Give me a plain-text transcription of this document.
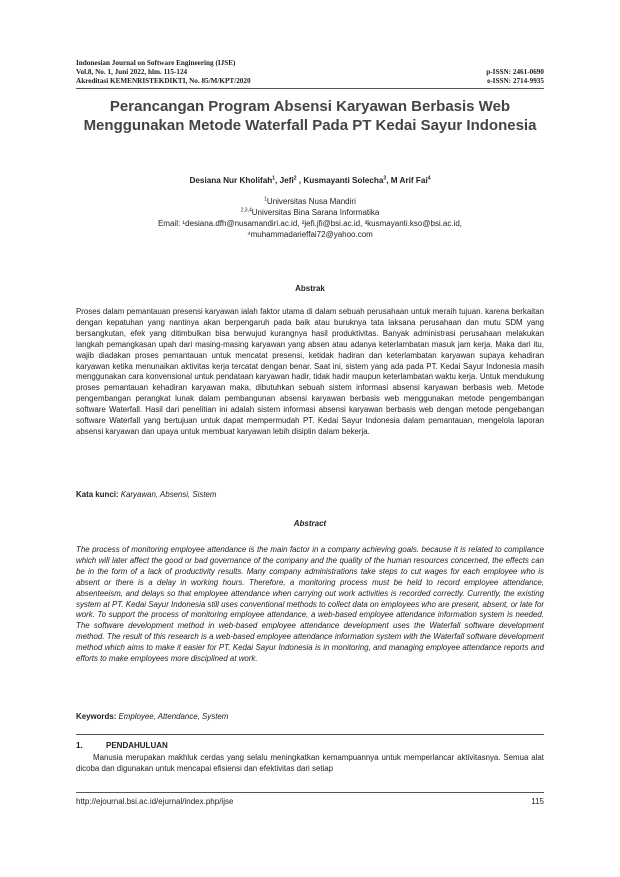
Indonesian Journal on Software Engineering (IJSE)
Vol.8, No. 1, Juni 2022, hlm. 115-124
Akreditasi KEMENRISTEKDIKTI, No. 85/M/KPT/2020
p-ISSN: 2461-0690
e-ISSN: 2714-9935
Perancangan Program Absensi Karyawan Berbasis Web Menggunakan Metode Waterfall Pada PT Kedai Sayur Indonesia
Desiana Nur Kholifah$^1$, Jefi$^2$ , Kusmayanti Solecha$^3$, M Arif Fai$^4$
$^1$Universitas Nusa Mandiri
$^{2,3,4}$Universitas Bina Sarana Informatika
Email: ¹desiana.dfh@nusamandiri.ac.id, ²jefi.jfi@bsi.ac.id, ³kusmayanti.kso@bsi.ac.id,
⁴muhammadarieffai72@yahoo.com
Abstrak
Proses dalam pemantauan presensi karyawan ialah faktor utama di dalam sebuah perusahaan untuk meraih tujuan. karena berkaitan dengan kepatuhan yang nantinya akan berpengaruh pada baik atau buruknya tata laksana perusahaan dan mutu SDM yang bersangkutan, efek yang ditimbulkan bisa berwujud kurangnya hasil produktivitas. Banyak administrasi perusahaan melakukan langkah pemangkasan upah dari masing-masing karyawan yang absen atau adanya keterlambatan masuk jam kerja. Maka dari itu, wajib diadakan proses pemantauan untuk mencatat presensi, ketidak hadiran dan keterlambatan karyawan supaya kehadiran karyawan ketika menunaikan aktivitas kerja tercatat dengan benar. Saat ini, sistem yang ada pada PT. Kedai Sayur Indonesia masih menggunakan cara konvensional untuk pendataan karyawan hadir, tidak hadir maupun keterlambatan waktu kerja. Untuk mendukung proses pemantauan kehadiran karyawan maka, dibutuhkan sebuah sistem informasi absensi karyawan berbasis web. Metode pengembangan perangkat lunak dalam pembangunan absensi karyawan berbasis web menggunakan metode pengembangan software Waterfall. Hasil dari penelitian ini adalah sistem informasi absensi karyawan berbasis web dengan metode pengebangan software Waterfall yang bertujuan untuk dapat mempermudah PT. Kedai Sayur Indonesia dalam pemantauan, mengelola laporan absensi karyawan dan upaya untuk membuat karyawan lebih disiplin dalam bekerja.
Kata kunci: Karyawan, Absensi, Sistem
Abstract
The process of monitoring employee attendance is the main factor in a company achieving goals. because it is related to compliance which will later affect the good or bad governance of the company and the quality of the human resources concerned, the effects can be in the form of a lack of productivity results. Many company administrations take steps to cut wages for each employee who is absent or there is a delay in working hours. Therefore, a monitoring process must be held to record employee attendance, absenteeism, and delays so that employee attendance when carrying out work activities is recorded correctly. Currently, the existing system at PT. Kedai Sayur Indonesia still uses conventional methods to collect data on employees who are present, absent, or late for work. To support the process of monitoring employee attendance, a web-based employee attendance information system is needed. The software development method in web-based employee attendance development uses the Waterfall software development method. The result of this research is a web-based employee attendance information system with the Waterfall software development method which aims to make it easier for PT. Kedai Sayur Indonesia is in monitoring, and managing employee attendance reports and efforts to make employees more disciplined at work.
Keywords: Employee, Attendance, System
1.	PENDAHULUAN
Manusia merupakan makhluk cerdas yang selalu meningkatkan kemampuannya untuk memperlancar aktivitasnya. Semua alat dicoba dan digunakan untuk mencapai efisiensi dan efektivitas dari setiap
http://ejournal.bsi.ac.id/ejurnal/index.php/ijse	115
